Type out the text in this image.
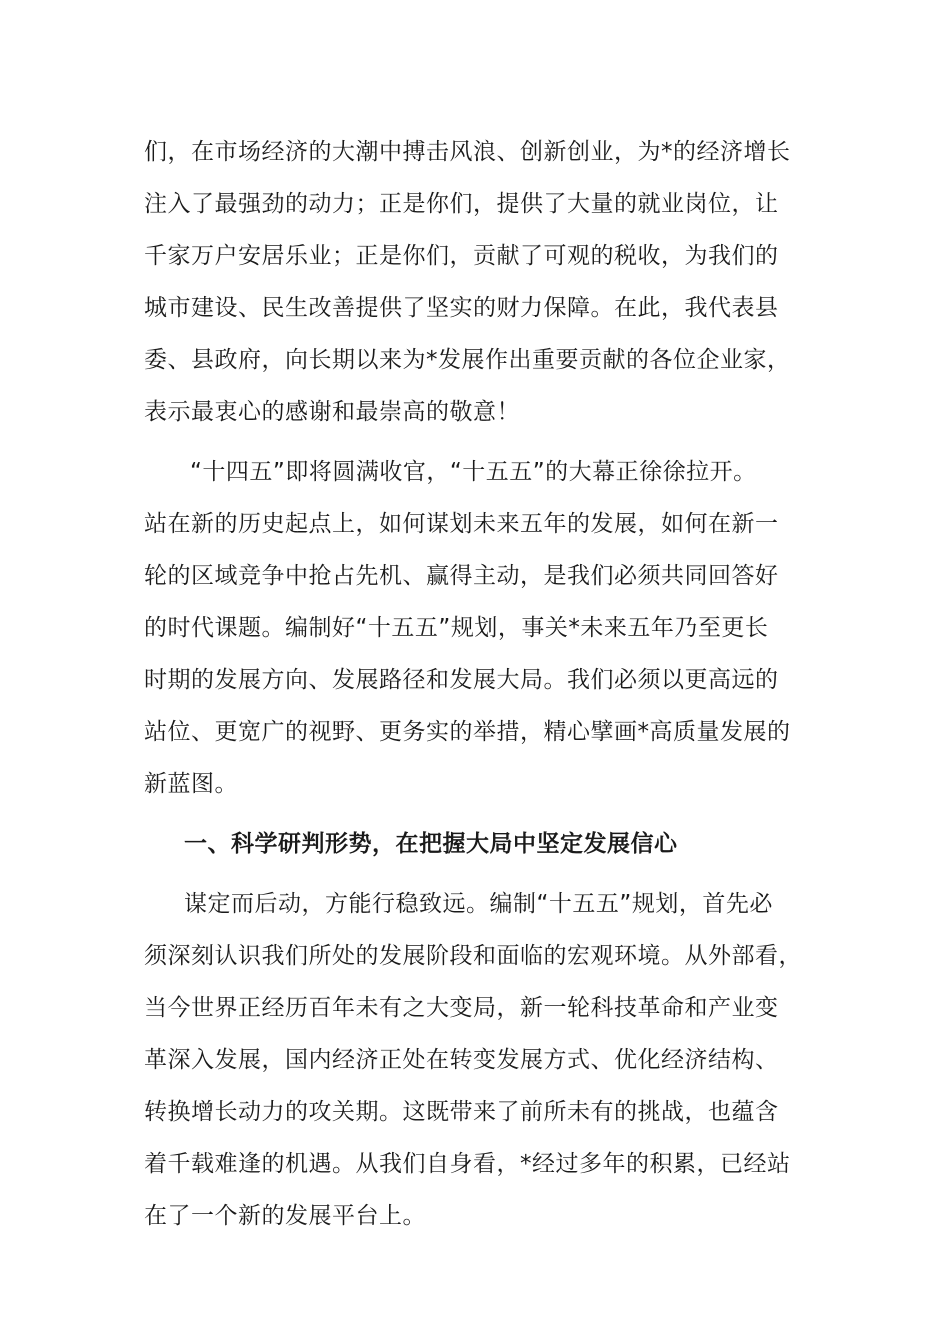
们，在市场经济的大潮中搏击风浪、创新创业，为*的经济增长
注入了最强劲的动力；正是你们，提供了大量的就业岗位，让
千家万户安居乐业；正是你们，贡献了可观的税收，为我们的
城市建设、民生改善提供了坚实的财力保障。在此，我代表县
委、县政府，向长期以来为*发展作出重要贡献的各位企业家，
表示最衷心的感谢和最崇高的敬意！

“十四五”即将圆满收官，“十五五”的大幕正徐徐拉开。
站在新的历史起点上，如何谋划未来五年的发展，如何在新一
轮的区域竞争中抢占先机、赢得主动，是我们必须共同回答好
的时代课题。编制好“十五五”规划，事关*未来五年乃至更长
时期的发展方向、发展路径和发展大局。我们必须以更高远的
站位、更宽广的视野、更务实的举措，精心擘画*高质量发展的
新蓝图。

一、科学研判形势，在把握大局中坚定发展信心

谋定而后动，方能行稳致远。编制“十五五”规划，首先必
须深刻认识我们所处的发展阶段和面临的宏观环境。从外部看，
当今世界正经历百年未有之大变局，新一轮科技革命和产业变
革深入发展，国内经济正处在转变发展方式、优化经济结构、
转换增长动力的攻关期。这既带来了前所未有的挑战，也蕴含
着千载难逢的机遇。从我们自身看，*经过多年的积累，已经站
在了一个新的发展平台上。
